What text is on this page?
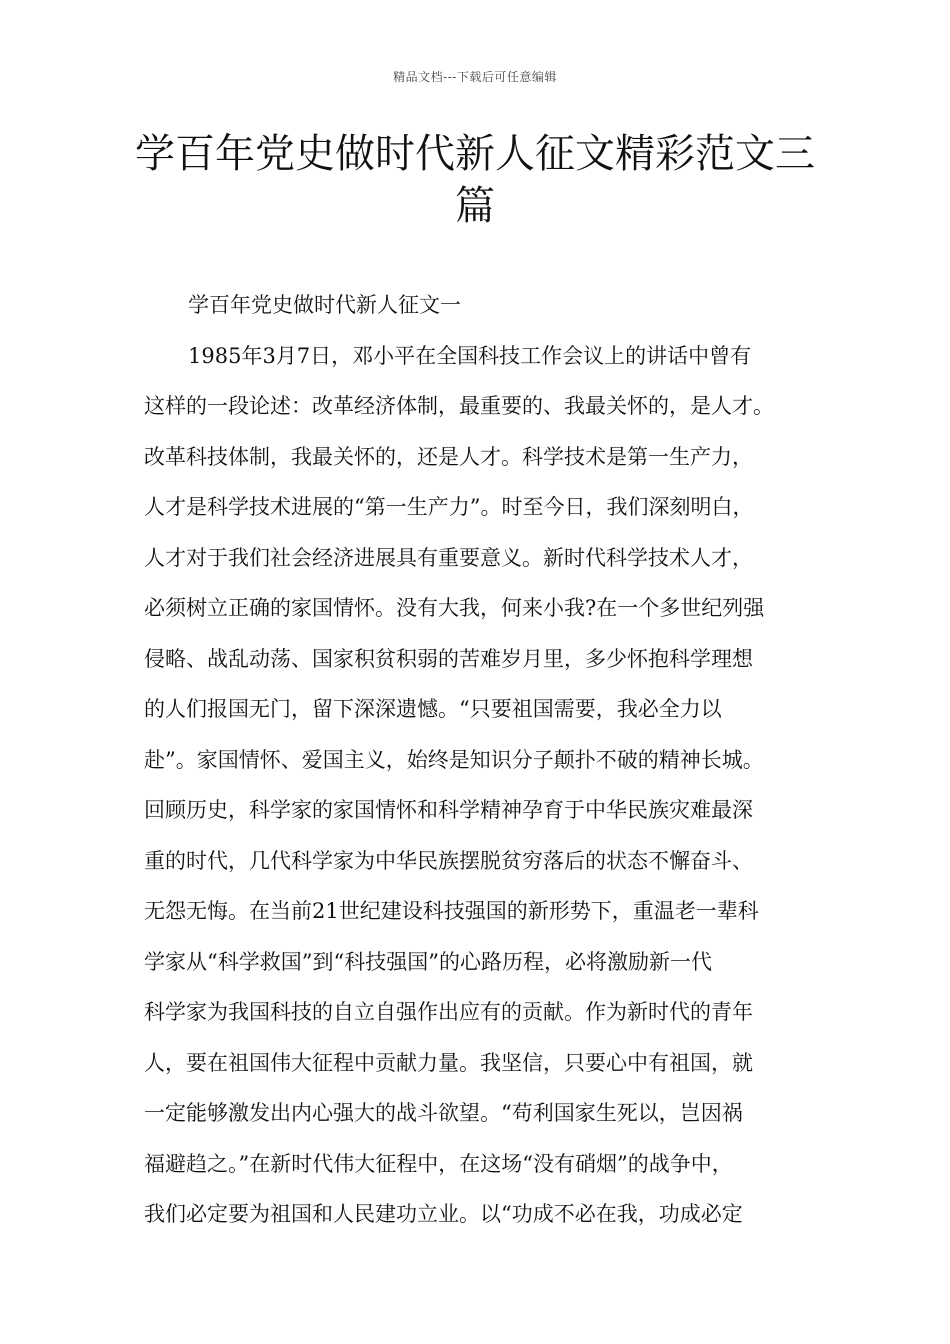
精品文档---下载后可任意编辑
学百年党史做时代新人征文精彩范文三
篇
学百年党史做时代新人征文一
1985年3月7日，邓小平在全国科技工作会议上的讲话中曾有
这样的一段论述：改革经济体制，最重要的、我最关怀的，是人才。
改革科技体制，我最关怀的，还是人才。科学技术是第一生产力，
人才是科学技术进展的“第一生产力”。时至今日，我们深刻明白，
人才对于我们社会经济进展具有重要意义。新时代科学技术人才，
必须树立正确的家国情怀。没有大我，何来小我?在一个多世纪列强
侵略、战乱动荡、国家积贫积弱的苦难岁月里，多少怀抱科学理想
的人们报国无门，留下深深遗憾。“只要祖国需要，我必全力以
赴”。家国情怀、爱国主义，始终是知识分子颠扑不破的精神长城。
回顾历史，科学家的家国情怀和科学精神孕育于中华民族灾难最深
重的时代，几代科学家为中华民族摆脱贫穷落后的状态不懈奋斗、
无怨无悔。在当前21世纪建设科技强国的新形势下，重温老一辈科
学家从“科学救国”到“科技强国”的心路历程，必将激励新一代
科学家为我国科技的自立自强作出应有的贡献。作为新时代的青年
人，要在祖国伟大征程中贡献力量。我坚信，只要心中有祖国，就
一定能够激发出内心强大的战斗欲望。“苟利国家生死以，岂因祸
福避趋之。”在新时代伟大征程中，在这场“没有硝烟”的战争中，
我们必定要为祖国和人民建功立业。以“功成不必在我，功成必定
